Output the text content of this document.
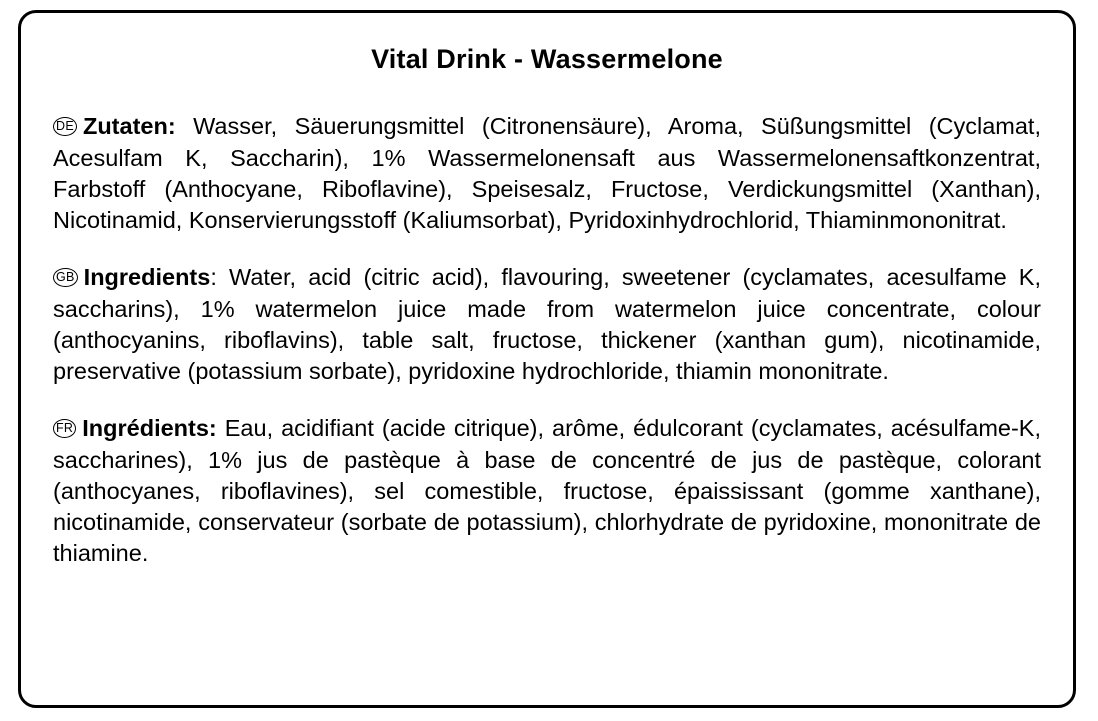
Vital Drink - Wassermelone

DE Zutaten: Wasser, Säuerungsmittel (Citronensäure), Aroma, Süßungsmittel (Cyclamat, Acesulfam K, Saccharin), 1% Wassermelonensaft aus Wassermelonensaftkonzentrat, Farbstoff (Anthocyane, Riboflavine), Speisesalz, Fructose, Verdickungsmittel (Xanthan), Nicotinamid, Konservierungsstoff (Kaliumsorbat), Pyridoxinhydrochlorid, Thiaminmononitrat.

GB Ingredients: Water, acid (citric acid), flavouring, sweetener (cyclamates, acesulfame K, saccharins), 1% watermelon juice made from watermelon juice concentrate, colour (anthocyanins, riboflavins), table salt, fructose, thickener (xanthan gum), nicotinamide, preservative (potassium sorbate), pyridoxine hydrochloride, thiamin mononitrate.

FR Ingrédients: Eau, acidifiant (acide citrique), arôme, édulcorant (cyclamates, acésulfame-K, saccharines), 1% jus de pastèque à base de concentré de jus de pastèque, colorant (anthocyanes, riboflavines), sel comestible, fructose, épaississant (gomme xanthane), nicotinamide, conservateur (sorbate de potassium), chlorhydrate de pyridoxine, mononitrate de thiamine.
